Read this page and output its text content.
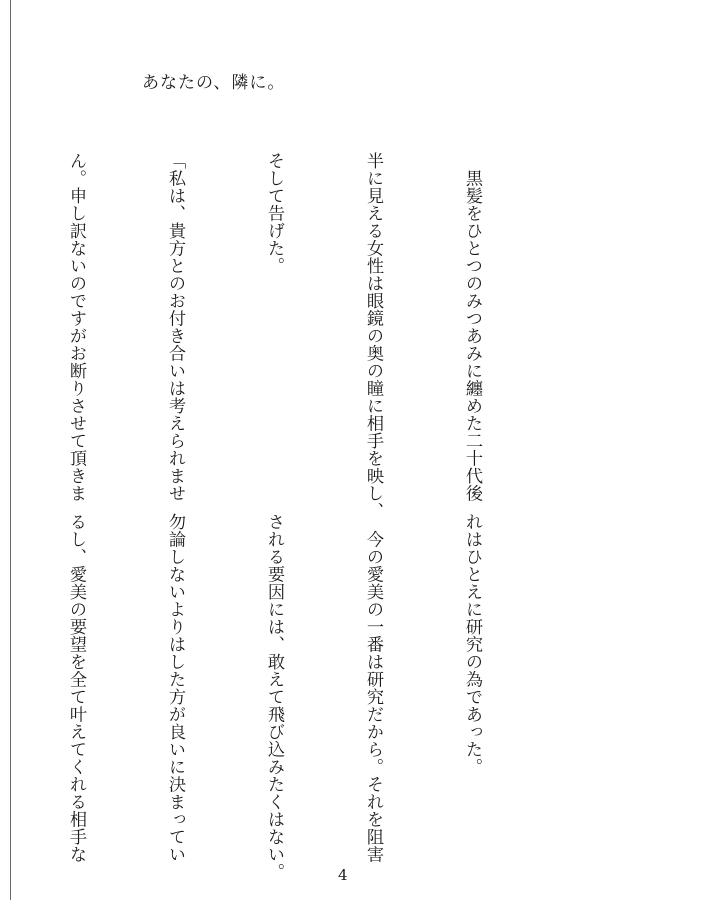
あなたの、隣に。

　黒髪をひとつのみつあみに纏めた二十代後

半に見える女性は眼鏡の奥の瞳に相手を映し、

そして告げた。

「私は、貴方とのお付き合いは考えられませ

ん。申し訳ないのですがお断りさせて頂きま

れはひとえに研究の為であった。

　今の愛美の一番は研究だから。それを阻害

される要因には、敢えて飛び込みたくはない。

勿論しないよりはした方が良いに決まってい

るし、愛美の要望を全て叶えてくれる相手な

4
